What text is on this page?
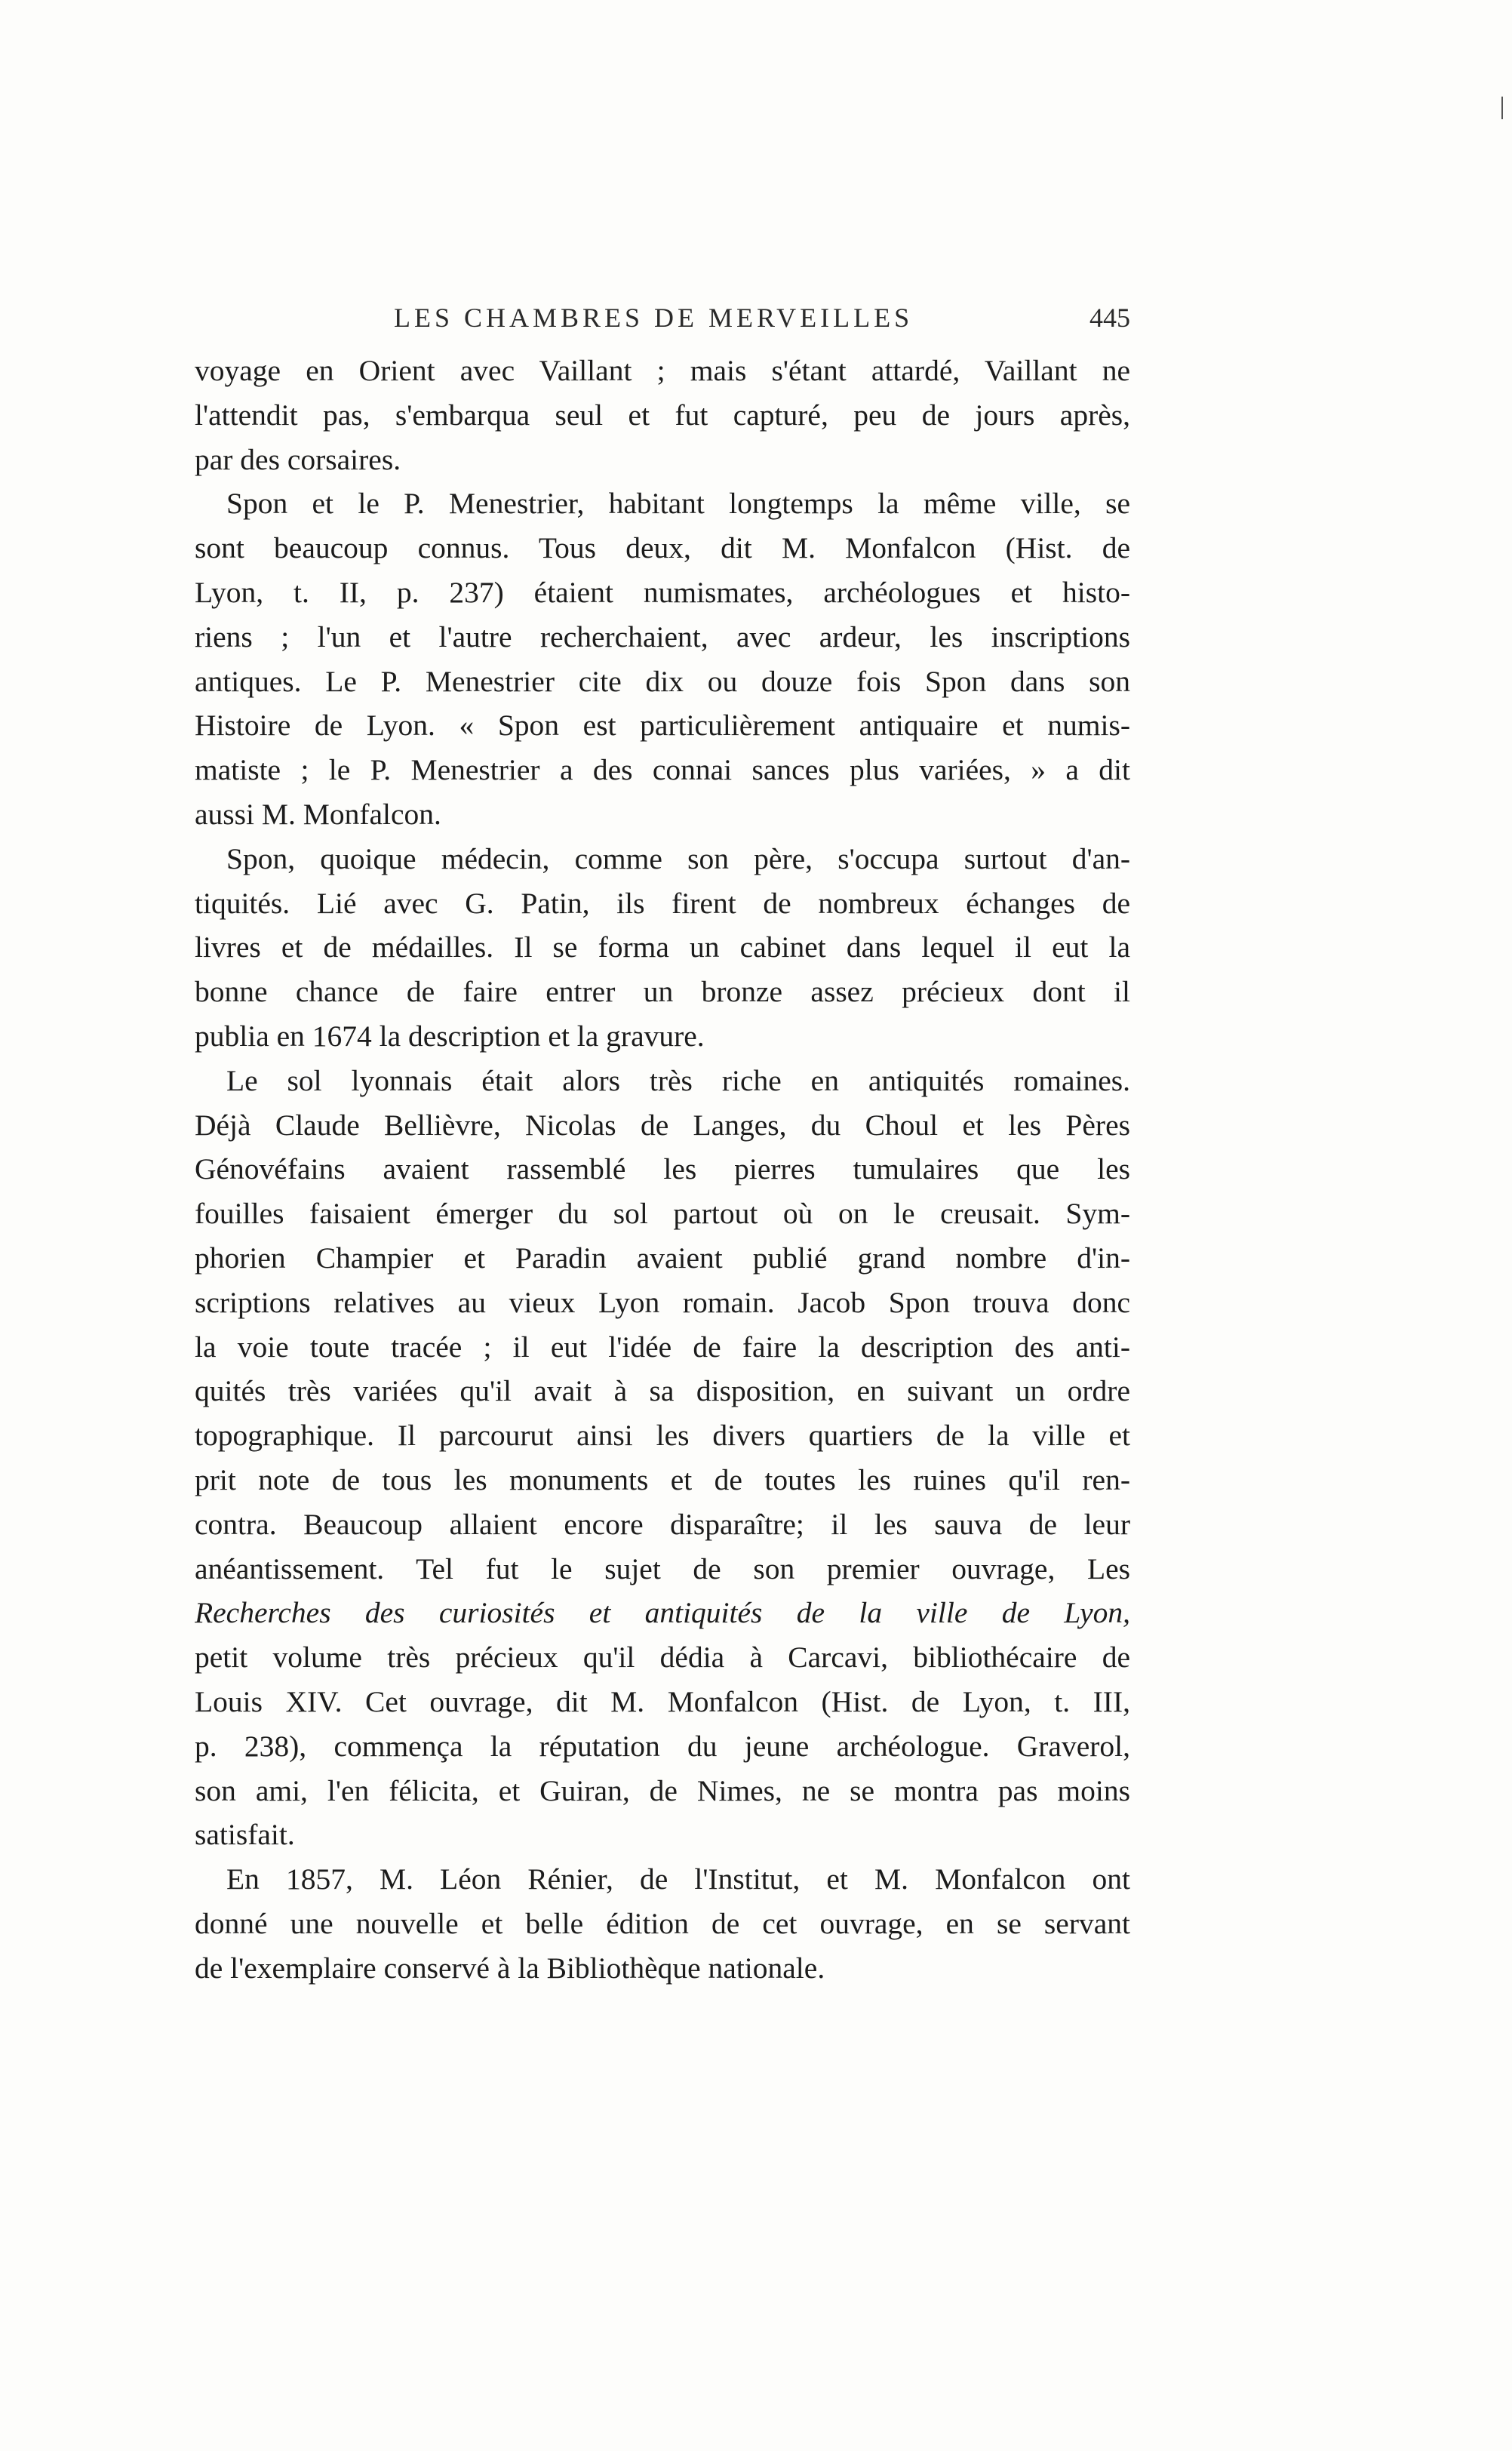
LES CHAMBRES DE MERVEILLES	445
voyage en Orient avec Vaillant ; mais s'étant attardé, Vaillant ne
l'attendit pas, s'embarqua seul et fut capturé, peu de jours après,
par des corsaires.
Spon et le P. Menestrier, habitant longtemps la même ville, se
sont beaucoup connus. Tous deux, dit M. Monfalcon (Hist. de
Lyon, t. II, p. 237) étaient numismates, archéologues et histo-
riens ; l'un et l'autre recherchaient, avec ardeur, les inscriptions
antiques. Le P. Menestrier cite dix ou douze fois Spon dans son
Histoire de Lyon. « Spon est particulièrement antiquaire et numis-
matiste ; le P. Menestrier a des connai sances plus variées, » a dit
aussi M. Monfalcon.
Spon, quoique médecin, comme son père, s'occupa surtout d'an-
tiquités. Lié avec G. Patin, ils firent de nombreux échanges de
livres et de médailles. Il se forma un cabinet dans lequel il eut la
bonne chance de faire entrer un bronze assez précieux dont il
publia en 1674 la description et la gravure.
Le sol lyonnais était alors très riche en antiquités romaines.
Déjà Claude Bellièvre, Nicolas de Langes, du Choul et les Pères
Génovéfains avaient rassemblé les pierres tumulaires que les
fouilles faisaient émerger du sol partout où on le creusait. Sym-
phorien Champier et Paradin avaient publié grand nombre d'in-
scriptions relatives au vieux Lyon romain. Jacob Spon trouva donc
la voie toute tracée ; il eut l'idée de faire la description des anti-
quités très variées qu'il avait à sa disposition, en suivant un ordre
topographique. Il parcourut ainsi les divers quartiers de la ville et
prit note de tous les monuments et de toutes les ruines qu'il ren-
contra. Beaucoup allaient encore disparaître; il les sauva de leur
anéantissement. Tel fut le sujet de son premier ouvrage, Les
Recherches des curiosités et antiquités de la ville de Lyon,
petit volume très précieux qu'il dédia à Carcavi, bibliothécaire de
Louis XIV. Cet ouvrage, dit M. Monfalcon (Hist. de Lyon, t. III,
p. 238), commença la réputation du jeune archéologue. Graverol,
son ami, l'en félicita, et Guiran, de Nimes, ne se montra pas moins
satisfait.
En 1857, M. Léon Rénier, de l'Institut, et M. Monfalcon ont
donné une nouvelle et belle édition de cet ouvrage, en se servant
de l'exemplaire conservé à la Bibliothèque nationale.
